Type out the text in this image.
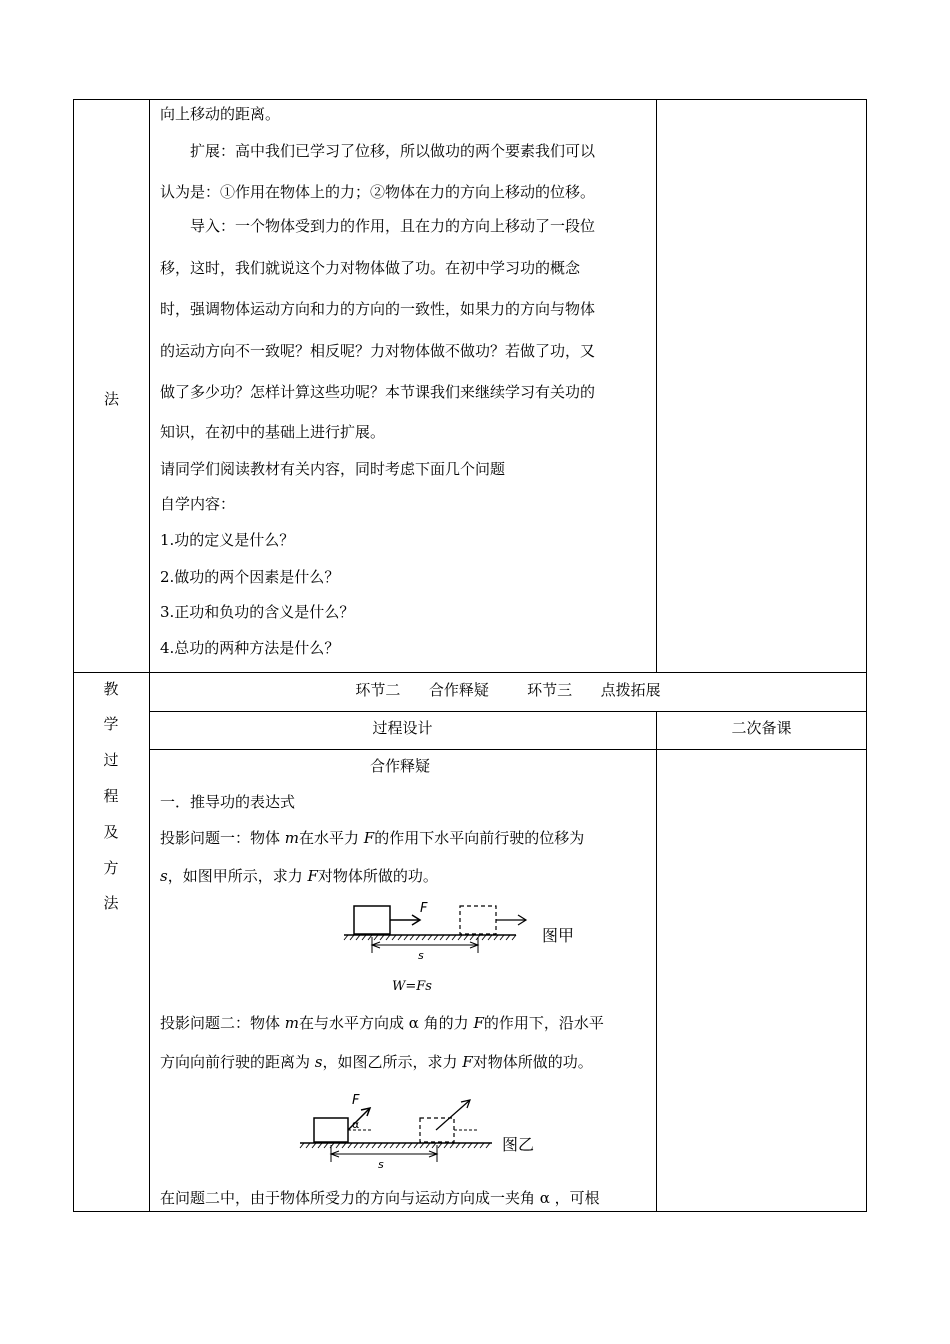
法
向上移动的距离。
扩展：高中我们已学习了位移，所以做功的两个要素我们可以
认为是：①作用在物体上的力；②物体在力的方向上移动的位移。
导入：一个物体受到力的作用，且在力的方向上移动了一段位
移，这时，我们就说这个力对物体做了功。在初中学习功的概念
时，强调物体运动方向和力的方向的一致性，如果力的方向与物体
的运动方向不一致呢？相反呢？力对物体做不做功？若做了功，又
做了多少功？怎样计算这些功呢？本节课我们来继续学习有关功的
知识，在初中的基础上进行扩展。
请同学们阅读教材有关内容，同时考虑下面几个问题
自学内容：
1.功的定义是什么？
2.做功的两个因素是什么？
3.正功和负功的含义是什么？
4.总功的两种方法是什么？
教
学
过
程
及
方
法
环节二      合作释疑        环节三      点拨拓展
过程设计	二次备课
合作释疑
一．推导功的表达式
投影问题一：物体 m在水平力 F的作用下水平向前行驶的位移为
s，如图甲所示，求力 F对物体所做的功。
F
s
图甲
W=Fs
投影问题二：物体 m在与水平方向成 α 角的力 F的作用下，沿水平
方向向前行驶的距离为 s，如图乙所示，求力 F对物体所做的功。
F
α
s
图乙
在问题二中，由于物体所受力的方向与运动方向成一夹角 α ，可根
